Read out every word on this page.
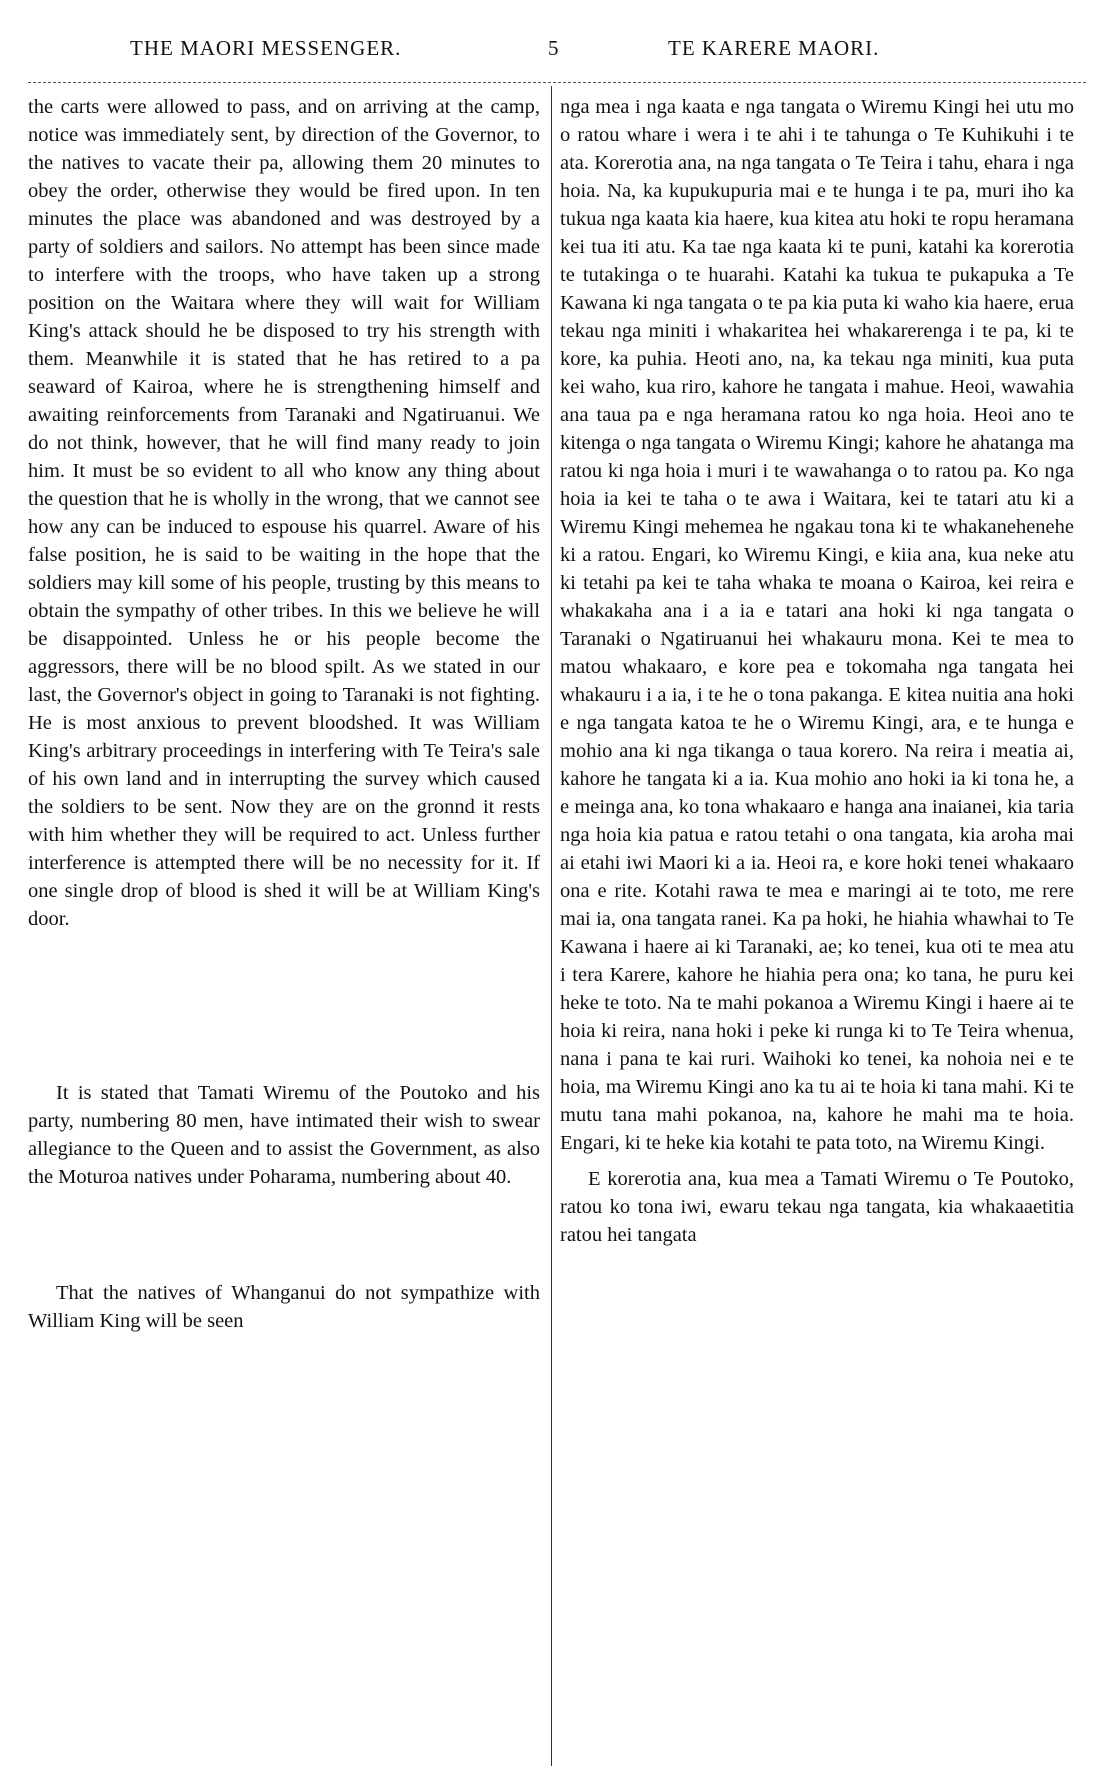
THE MAORI MESSENGER.	5	TE KARERE MAORI.

the carts were allowed to pass, and on arriving at the camp, notice was immediately sent, by direction of the Governor, to the natives to vacate their pa, allowing them 20 minutes to obey the order, otherwise they would be fired upon. In ten minutes the place was abandoned and was destroyed by a party of soldiers and sailors. No attempt has been since made to interfere with the troops, who have taken up a strong position on the Waitara where they will wait for William King's attack should he be disposed to try his strength with them. Meanwhile it is stated that he has retired to a pa seaward of Kairoa, where he is strengthening himself and awaiting reinforcements from Taranaki and Ngatiruanui. We do not think, however, that he will find many ready to join him. It must be so evident to all who know any thing about the question that he is wholly in the wrong, that we cannot see how any can be induced to espouse his quarrel. Aware of his false position, he is said to be waiting in the hope that the soldiers may kill some of his people, trusting by this means to obtain the sympathy of other tribes. In this we believe he will be disappointed. Unless he or his people become the aggressors, there will be no blood spilt. As we stated in our last, the Governor's object in going to Taranaki is not fighting. He is most anxious to prevent bloodshed. It was William King's arbitrary proceedings in interfering with Te Teira's sale of his own land and in interrupting the survey which caused the soldiers to be sent. Now they are on the gronnd it rests with him whether they will be required to act. Unless further interference is attempted there will be no necessity for it. If one single drop of blood is shed it will be at William King's door.

It is stated that Tamati Wiremu of the Poutoko and his party, numbering 80 men, have intimated their wish to swear allegiance to the Queen and to assist the Government, as also the Moturoa natives under Poharama, numbering about 40.

That the natives of Whanganui do not sympathize with William King will be seen

nga mea i nga kaata e nga tangata o Wiremu Kingi hei utu mo o ratou whare i wera i te ahi i te tahunga o Te Kuhikuhi i te ata. Korerotia ana, na nga tangata o Te Teira i tahu, ehara i nga hoia. Na, ka kupukupuria mai e te hunga i te pa, muri iho ka tukua nga kaata kia haere, kua kitea atu hoki te ropu heramana kei tua iti atu. Ka tae nga kaata ki te puni, katahi ka korerotia te tutakinga o te huarahi. Katahi ka tukua te pukapuka a Te Kawana ki nga tangata o te pa kia puta ki waho kia haere, erua tekau nga miniti i whakaritea hei whakarerenga i te pa, ki te kore, ka puhia. Heoti ano, na, ka tekau nga miniti, kua puta kei waho, kua riro, kahore he tangata i mahue. Heoi, wawahia ana taua pa e nga heramana ratou ko nga hoia. Heoi ano te kitenga o nga tangata o Wiremu Kingi; kahore he ahatanga ma ratou ki nga hoia i muri i te wawahanga o to ratou pa. Ko nga hoia ia kei te taha o te awa i Waitara, kei te tatari atu ki a Wiremu Kingi mehemea he ngakau tona ki te whakanehenehe ki a ratou. Engari, ko Wiremu Kingi, e kiia ana, kua neke atu ki tetahi pa kei te taha whaka te moana o Kairoa, kei reira e whakakaha ana i a ia e tatari ana hoki ki nga tangata o Taranaki o Ngatiruanui hei whakauru mona. Kei te mea to matou whakaaro, e kore pea e tokomaha nga tangata hei whakauru i a ia, i te he o tona pakanga. E kitea nuitia ana hoki e nga tangata katoa te he o Wiremu Kingi, ara, e te hunga e mohio ana ki nga tikanga o taua korero. Na reira i meatia ai, kahore he tangata ki a ia. Kua mohio ano hoki ia ki tona he, a e meinga ana, ko tona whakaaro e hanga ana inaianei, kia taria nga hoia kia patua e ratou tetahi o ona tangata, kia aroha mai ai etahi iwi Maori ki a ia. Heoi ra, e kore hoki tenei whakaaro ona e rite. Kotahi rawa te mea e maringi ai te toto, me rere mai ia, ona tangata ranei. Ka pa hoki, he hiahia whawhai to Te Kawana i haere ai ki Taranaki, ae; ko tenei, kua oti te mea atu i tera Karere, kahore he hiahia pera ona; ko tana, he puru kei heke te toto. Na te mahi pokanoa a Wiremu Kingi i haere ai te hoia ki reira, nana hoki i peke ki runga ki to Te Teira whenua, nana i pana te kai ruri. Waihoki ko tenei, ka nohoia nei e te hoia, ma Wiremu Kingi ano ka tu ai te hoia ki tana mahi. Ki te mutu tana mahi pokanoa, na, kahore he mahi ma te hoia. Engari, ki te heke kia kotahi te pata toto, na Wiremu Kingi.

E korerotia ana, kua mea a Tamati Wiremu o Te Poutoko, ratou ko tona iwi, ewaru tekau nga tangata, kia whakaaetitia ratou hei tangata
